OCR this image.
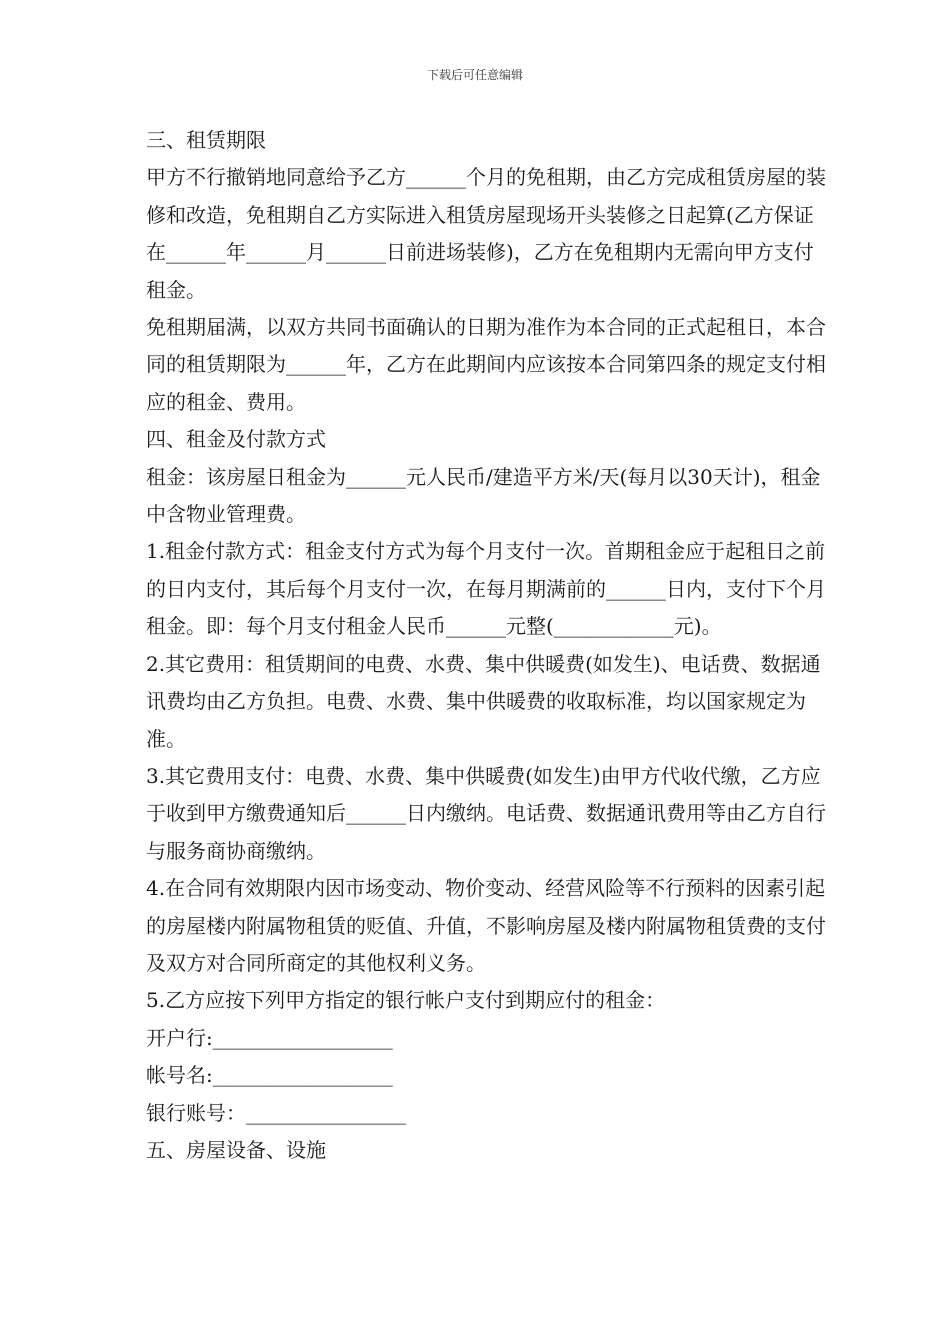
下载后可任意编辑

三、租赁期限

甲方不行撤销地同意给予乙方______个月的免租期，由乙方完成租赁房屋的装修和改造，免租期自乙方实际进入租赁房屋现场开头装修之日起算(乙方保证在______年______月______日前进场装修)，乙方在免租期内无需向甲方支付租金。

免租期届满，以双方共同书面确认的日期为准作为本合同的正式起租日，本合同的租赁期限为______年，乙方在此期间内应该按本合同第四条的规定支付相应的租金、费用。

四、租金及付款方式

租金：该房屋日租金为______元人民币/建造平方米/天(每月以30天计)，租金中含物业管理费。

1.租金付款方式：租金支付方式为每个月支付一次。首期租金应于起租日之前的日内支付，其后每个月支付一次，在每月期满前的______日内，支付下个月租金。即：每个月支付租金人民币______元整(____________元)。

2.其它费用：租赁期间的电费、水费、集中供暖费(如发生)、电话费、数据通讯费均由乙方负担。电费、水费、集中供暖费的收取标准，均以国家规定为准。

3.其它费用支付：电费、水费、集中供暖费(如发生)由甲方代收代缴，乙方应于收到甲方缴费通知后______日内缴纳。电话费、数据通讯费用等由乙方自行与服务商协商缴纳。

4.在合同有效期限内因市场变动、物价变动、经营风险等不行预料的因素引起的房屋楼内附属物租赁的贬值、升值，不影响房屋及楼内附属物租赁费的支付及双方对合同所商定的其他权利义务。

5.乙方应按下列甲方指定的银行帐户支付到期应付的租金：

开户行:__________________

帐号名:__________________

银行账号：________________

五、房屋设备、设施
